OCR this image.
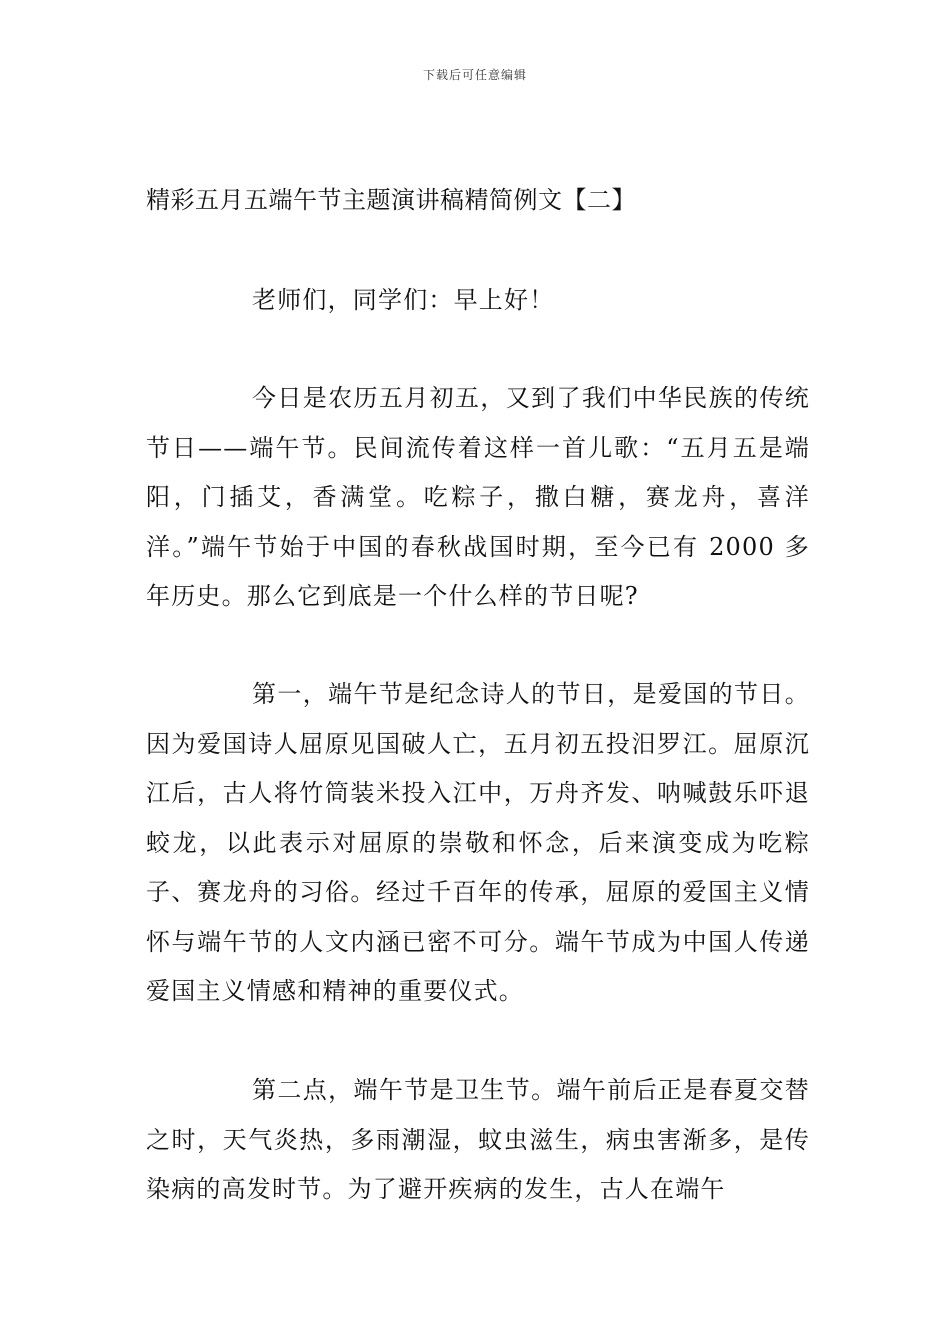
下载后可任意编辑
精彩五月五端午节主题演讲稿精简例文【二】

老师们，同学们：早上好！

今日是农历五月初五，又到了我们中华民族的传统节日——端午节。民间流传着这样一首儿歌：“五月五是端阳，门插艾，香满堂。吃粽子，撒白糖，赛龙舟，喜洋洋。”端午节始于中国的春秋战国时期，至今已有 2000 多年历史。那么它到底是一个什么样的节日呢?

第一，端午节是纪念诗人的节日，是爱国的节日。因为爱国诗人屈原见国破人亡，五月初五投汨罗江。屈原沉江后，古人将竹筒装米投入江中，万舟齐发、呐喊鼓乐吓退蛟龙，以此表示对屈原的崇敬和怀念，后来演变成为吃粽子、赛龙舟的习俗。经过千百年的传承，屈原的爱国主义情怀与端午节的人文内涵已密不可分。端午节成为中国人传递爱国主义情感和精神的重要仪式。

第二点，端午节是卫生节。端午前后正是春夏交替之时，天气炎热，多雨潮湿，蚊虫滋生，病虫害渐多，是传染病的高发时节。为了避开疾病的发生，古人在端午
